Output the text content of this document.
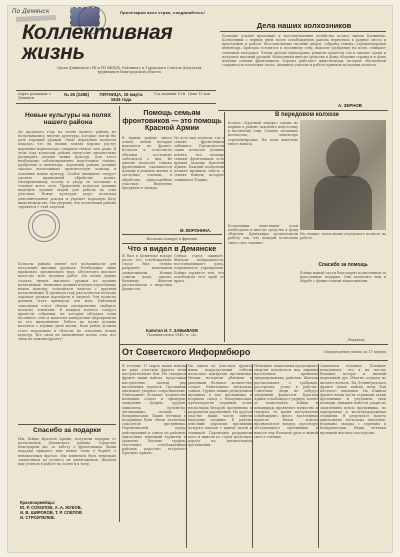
По Демянск	Пролетарии всех стран, соединяйтесь!
Коллективная жизнь
Орган Демянского РК и РИ ВКП(б), Районного и Городского Советов Депутатов трудящихся Новгородской области
Адрес редакции: г. Демянск
№ 26 (2486)	ПЯТНИЦА, 19 марта 1943 года
Год издания 10-й Цена 10 коп.
Дела наших колхозников
Большие усилия приложил к восстановлению хозяйства колхоз имени Калинина. Колхозники с первых дней после освобождения района вернулись в родные места и приступили к работе. Восстановлены скотные дворы, собраны семена, отремонтирован инвентарь. Бригады готовятся к весеннему севу, вывозят удобрения на поля, очищают семенной материал. Члены артели единодушно решили провести сев в сжатые сроки и получить высокий урожай. Колхозники внесли средства в фонд обороны страны и в фонд помощи семьям фронтовиков. Хорошо работают животноводы, которые обеспечили сохранность поголовья скота. Активное участие в работе приняла молодежь колхоза.
А. ЗЕРНОВ
Новые культуры на полях нашего района
До прошлого года на полях нашего района не возделывались многие культуры, которые могли бы дать хороший урожай. Опыт передовых колхозов показал, что на наших землях хорошо растут кормовые корнеплоды, сахарная свекла, лен, рожь. В этом году колхозам района предстоит значительно расширить посевы новых культур. Для этого необходимо заблаговременно подготовить семена, удобрения и инвентарь. Агрономы района должны оказать колхозникам практическую помощь в освоении новых культур. Особое внимание следует уделить правильной обработке почвы, своевременному посеву и уходу за посевами в течение всего лета. Правления колхозов должны выделить лучших людей для работы на этих участках. Новые культуры дадут колхозам дополнительные доходы и укрепят кормовую базу животноводства. Мы уверены, что колхозники района справятся с этой задачей.
Колхозы района имеют все возможности для получения высоких урожаев. Необходимо лишь правильно организовать труд, обеспечить высокое качество всех полевых работ. На полях нужно создать звенья высокого урожая из лучших колхозников. Звеньевые должны изучить агротехнику новых культур, поделиться опытом с другими колхозниками. В прошлом году ряд колхозов получил хорошие урожаи картофеля и овощей. Эти колхозы должны стать примером для всех. Районный земельный отдел обязан своевременно снабдить колхозы семенами. В каждом колхозе следует провести собрания, на которых обсудить план весеннего сева и наметить конкретные мероприятия по его выполнению. Работа на полях должна начаться с первых дней весны. Наш район должен стать передовым в области по освоению новых культур. Все силы на выполнение плана сева, все силы на помощь фронту!
Спасибо за подарки
Мы, бойцы Красной Армии, получили подарки от колхозников Демянского района. Сердечно благодарим вас за заботу о фронтовиках. Ваши подарки придают нам новые силы в борьбе с ненавистным врагом. Мы клянемся бить немецких захватчиков до полного их уничтожения. Желаем вам успехов в работе на полях и в тылу.
Красноармейцы:
Ю. Р. СОКОЛОВ, А. А. ЖУКОВ,
И. В. ШИРОКОВ, Т. Р. СЛЕПОВ
И. СТРОИТЕЛЕВ.
Помощь семьям фронтовиков — это помощь Красной Армии
В нашем районе много семей, члены которых находятся на фронте. Колхозы и сельсоветы обязаны постоянно заботиться о них. Во многих колхозах семьям фронтовиков оказывается помощь в ремонте жилья, в заготовке топлива, в обработке приусадебных участков. Выделены продукты и одежда.
Но есть еще колхозы, где о семьях фронтовиков забывают. Руководители таких колхозов должны понять, что помощь семьям фронтовиков есть прямая помощь Красной Армии. Каждый колхозник должен проявить заботу о семьях бойцов, которые защищают Родину.
М. ВОРОНИНА.
Колхозы пишут о фронте
Что я видел в Демянске
Я был в Демянске вскоре после его освобождения. Город был сильно разрушен немецкими захватчиками. Немцы сожгли дома, школы, больницу. Жители рассказывали о зверствах фашистов.
Сейчас город оживает. Жители возвращаются, восстанавливают дома, открываются учреждения. Бойцы гордятся тем, что освободили этот край от врага.
Капитан И. Г. ЗАБЫВАЕВ
Полевая почта 1945, ч. «А»
В передовом колхозе
Колхоз «Красный пахарь» одним из первых в районе закончил подготовку к весеннему севу. Семена засыпаны полностью, инвентарь отремонтирован. На поля вывезено много навоза.
На снимке: колхозница передового колхоза на работе.
Спасибо за помощь
Колхозники выполнили план хлебосдачи и внесли средства в фонд обороны. Бригадиры организовали работу так, что каждый колхозник знает свое задание.
Бойцы нашей части благодарят колхозников за присланные подарки. Они помогают нам в борьбе с фашистскими захватчиками.
Редактор
От Советского Информбюро	Оперативная сводка за 17 марта
В течение 17 марта наши войска на ряде участков фронта вели наступательные бои. На Западном фронте наши войска, продолжая наступление, заняли ряд населенных пунктов. Противник оказывает упорное сопротивление. Уничтожено большое количество немецких солдат и офицеров, захвачены трофеи: орудия, минометы, пулеметы, автомашины, склады с боеприпасами. Наши летчики в воздушных боях сбили несколько самолетов противника. Партизанский отряд, действующий в одном из районов, уничтожил немецкий гарнизон и захватил богатые трофеи. Население освобожденных районов радостно встречает Красную Армию.
На одном из участков фронта наши подразделения отбили несколько контратак противника. Немцы потеряли убитыми и ранеными большое количество солдат. Уничтожено несколько танков. Группа наших разведчиков проникла в тыл противника и взорвала склад с боеприпасами. Артиллеристы подавили огонь нескольких батарей противника и разрушили укрепления. На другом участке наши части заняли выгодные позиции. В районе действий партизан противник потерял эшелон с живой силой и техникой. Партизаны разрушили мост и вывели из строя железную дорогу на значительном протяжении.
Немецкие захватчики продолжают зверски издеваться над мирным населением временно оккупированных районов. Жители рассказывают о грабежах, расстрелах, угоне в рабство. Советские люди не забудут злодеяний фашистов. Красная Армия освобождает родную землю от захватчиков. Бойцы и командиры проявляют мужество и героизм. За время наступления освобождено много населенных пунктов. Наши войска продвигаются вперед, преследуя отступающего противника и нанося ему большой урон в живой силе и технике.
Захвачены пленные. Пленные показывают, что в их частях большие потери и низкий моральный дух. Многие солдаты не желают воевать. На Ленинградском фронте наши войска вели бои местного значения. На Южном фронте наши части отражали атаки противника и улучшили свои позиции. Авиация нанесла удары по скоплениям войск противника, по аэродромам и железнодорожным станциям. В результате налета уничтожено несколько эшелонов, взорваны склады с горючим и боеприпасами. Наши летчики проявили высокое мастерство.
